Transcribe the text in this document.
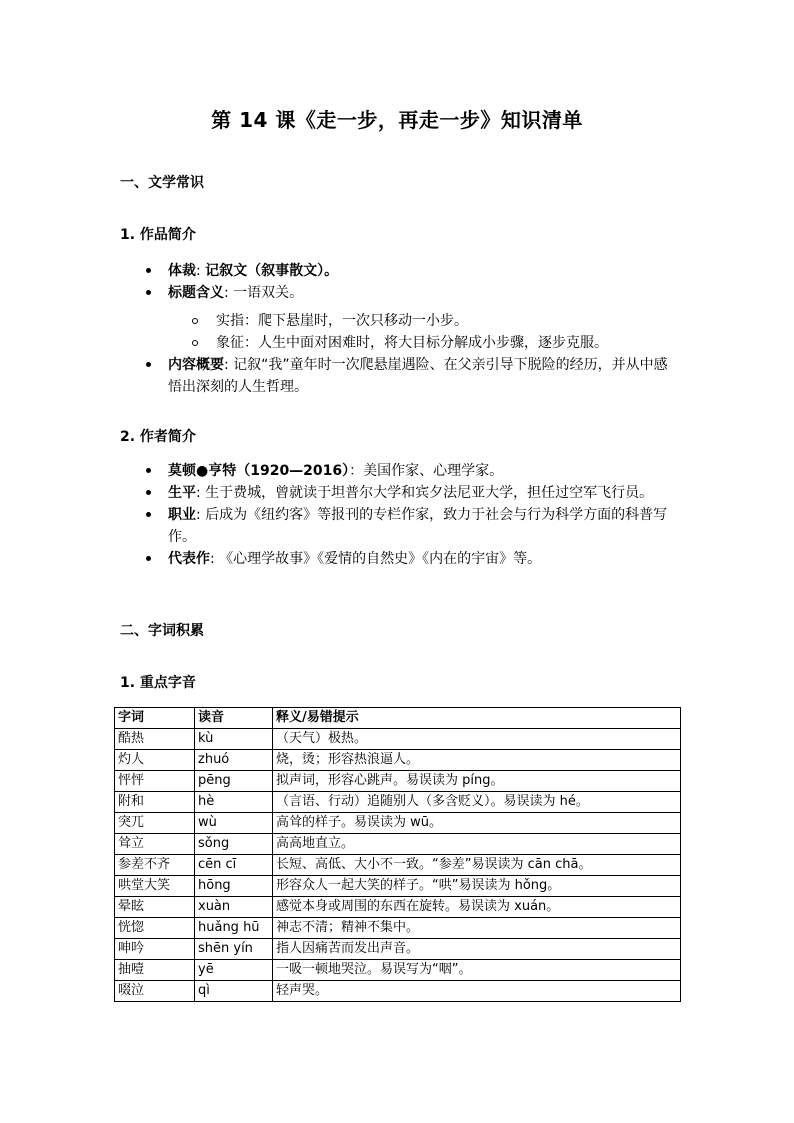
第 14 课《走一步，再走一步》知识清单
一、文学常识
1. 作品简介
体裁: 记叙文（叙事散文）。
标题含义: 一语双关。
实指：爬下悬崖时，一次只移动一小步。
象征：人生中面对困难时，将大目标分解成小步骤，逐步克服。
内容概要: 记叙“我”童年时一次爬悬崖遇险、在父亲引导下脱险的经历，并从中感悟出深刻的人生哲理。
2. 作者简介
莫顿●亨特（1920—2016）：美国作家、心理学家。
生平: 生于费城，曾就读于坦普尔大学和宾夕法尼亚大学，担任过空军飞行员。
职业: 后成为《纽约客》等报刊的专栏作家，致力于社会与行为科学方面的科普写作。
代表作: 《心理学故事》《爱情的自然史》《内在的宇宙》等。
二、字词积累
1. 重点字音
字词	读音	释义/易错提示
酷热	kù	（天气）极热。
灼人	zhuó	烧，烫；形容热浪逼人。
怦怦	pēng	拟声词，形容心跳声。易误读为 píng。
附和	hè	（言语、行动）追随别人（多含贬义）。易误读为 hé。
突兀	wù	高耸的样子。易误读为 wū。
耸立	sǒng	高高地直立。
参差不齐	cēn cī	长短、高低、大小不一致。“参差”易误读为 cān chā。
哄堂大笑	hōng	形容众人一起大笑的样子。“哄”易误读为 hǒng。
晕眩	xuàn	感觉本身或周围的东西在旋转。易误读为 xuán。
恍惚	huǎng hū	神志不清；精神不集中。
呻吟	shēn yín	指人因痛苦而发出声音。
抽噎	yē	一吸一顿地哭泣。易误写为“咽”。
啜泣	qì	轻声哭。
